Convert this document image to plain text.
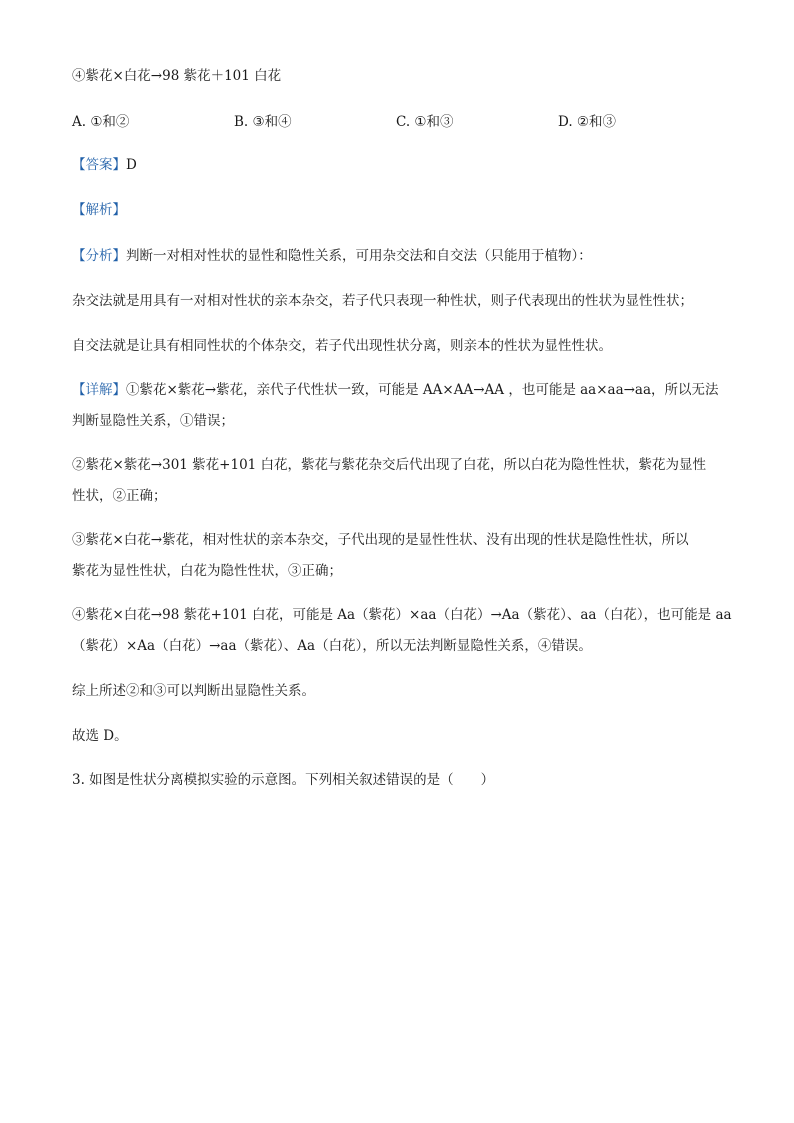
④紫花×白花→98 紫花＋101 白花
A. ①和②	B. ③和④	C. ①和③	D. ②和③
【答案】D
【解析】
【分析】判断一对相对性状的显性和隐性关系，可用杂交法和自交法（只能用于植物）：
杂交法就是用具有一对相对性状的亲本杂交，若子代只表现一种性状，则子代表现出的性状为显性性状；
自交法就是让具有相同性状的个体杂交，若子代出现性状分离，则亲本的性状为显性性状。
【详解】①紫花×紫花→紫花，亲代子代性状一致，可能是 AA×AA→AA ，也可能是 aa×aa→aa，所以无法
判断显隐性关系，①错误；
②紫花×紫花→301 紫花+101 白花，紫花与紫花杂交后代出现了白花，所以白花为隐性性状，紫花为显性
性状，②正确；
③紫花×白花→紫花，相对性状的亲本杂交，子代出现的是显性性状、没有出现的性状是隐性性状，所以
紫花为显性性状，白花为隐性性状，③正确；
④紫花×白花→98 紫花+101 白花，可能是 Aa（紫花）×aa（白花）→Aa（紫花）、aa（白花），也可能是 aa
（紫花）×Aa（白花）→aa（紫花）、Aa（白花），所以无法判断显隐性关系，④错误。
综上所述②和③可以判断出显隐性关系。
故选 D。
3. 如图是性状分离模拟实验的示意图。下列相关叙述错误的是（　　）
